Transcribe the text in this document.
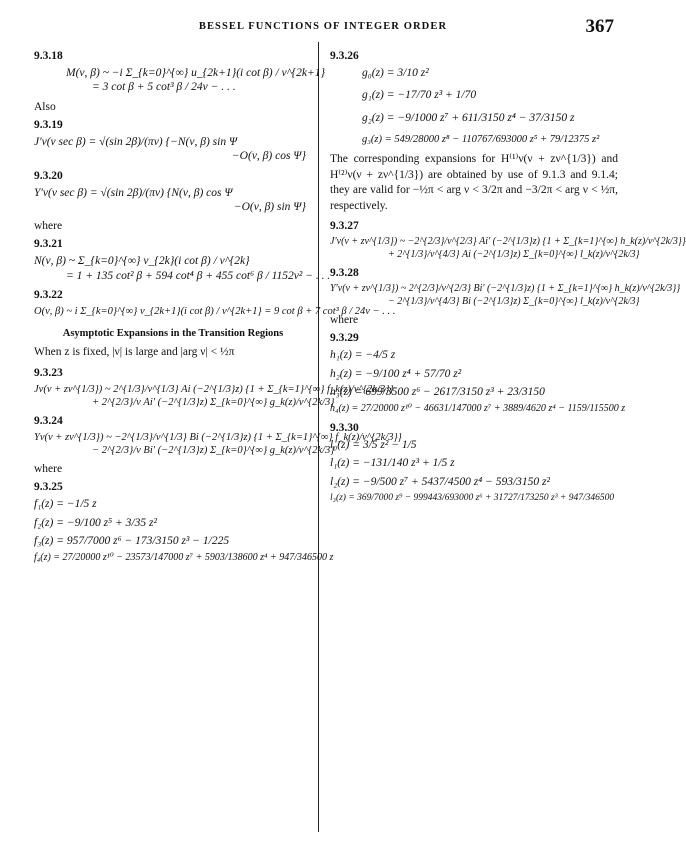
BESSEL FUNCTIONS OF INTEGER ORDER	367
9.3.18
M(ν, β) ~ −i Σ_{k=0}^{∞} u_{2k+1}(i cot β) / ν^{2k+1}
= 3 cot β + 5 cot³ β / 24ν − . . .
Also
9.3.19
J′ν(ν sec β) = √(sin 2β)/(πν) {−N(ν, β) sin Ψ
−O(ν, β) cos Ψ}
9.3.20
Y′ν(ν sec β) = √(sin 2β)/(πν) {N(ν, β) cos Ψ
−O(ν, β) sin Ψ}
where
9.3.21
N(ν, β) ~ Σ_{k=0}^{∞} v_{2k}(i cot β) / ν^{2k}
= 1 + 135 cot² β + 594 cot⁴ β + 455 cot⁶ β / 1152ν² − . . .
9.3.22
O(ν, β) ~ i Σ_{k=0}^{∞} v_{2k+1}(i cot β) / ν^{2k+1} = 9 cot β + 7 cot³ β / 24ν − . . .
Asymptotic Expansions in the Transition Regions
When z is fixed, |ν| is large and |arg ν| < ½π
9.3.23
Jν(ν + zν^{1/3}) ~ 2^{1/3}/ν^{1/3} Ai (−2^{1/3}z) {1 + Σ_{k=1}^{∞} f_k(z)/ν^{2k/3}}
+ 2^{2/3}/ν Ai′ (−2^{1/3}z) Σ_{k=0}^{∞} g_k(z)/ν^{2k/3}
9.3.24
Yν(ν + zν^{1/3}) ~ −2^{1/3}/ν^{1/3} Bi (−2^{1/3}z) {1 + Σ_{k=1}^{∞} f_k(z)/ν^{2k/3}}
− 2^{2/3}/ν Bi′ (−2^{1/3}z) Σ_{k=0}^{∞} g_k(z)/ν^{2k/3}
where
9.3.25
f₁(z) = −1/5 z
f₂(z) = −9/100 z⁵ + 3/35 z²
f₃(z) = 957/7000 z⁶ − 173/3150 z³ − 1/225
f₄(z) = 27/20000 z¹⁰ − 23573/147000 z⁷ + 5903/138600 z⁴ + 947/346500 z
9.3.26
g₀(z) = 3/10 z²
g₁(z) = −17/70 z³ + 1/70
g₂(z) = −9/1000 z⁷ + 611/3150 z⁴ − 37/3150 z
g₃(z) = 549/28000 z⁸ − 110767/693000 z⁵ + 79/12375 z²
The corresponding expansions for H⁽¹⁾ν(ν + zν^{1/3}) and H⁽²⁾ν(ν + zν^{1/3}) are obtained by use of 9.1.3 and 9.1.4; they are valid for −½π < arg ν < 3/2π and −3/2π < arg ν < ½π, respectively.
9.3.27
J′ν(ν + zν^{1/3}) ~ −2^{2/3}/ν^{2/3} Ai′ (−2^{1/3}z) {1 + Σ_{k=1}^{∞} h_k(z)/ν^{2k/3}}
+ 2^{1/3}/ν^{4/3} Ai (−2^{1/3}z) Σ_{k=0}^{∞} l_k(z)/ν^{2k/3}
9.3.28
Y′ν(ν + zν^{1/3}) ~ 2^{2/3}/ν^{2/3} Bi′ (−2^{1/3}z) {1 + Σ_{k=1}^{∞} h_k(z)/ν^{2k/3}}
− 2^{1/3}/ν^{4/3} Bi (−2^{1/3}z) Σ_{k=0}^{∞} l_k(z)/ν^{2k/3}
where
9.3.29
h₁(z) = −4/5 z
h₂(z) = −9/100 z⁴ + 57/70 z²
h₃(z) = 699/3500 z⁶ − 2617/3150 z³ + 23/3150
h₄(z) = 27/20000 z¹⁰ − 46631/147000 z⁷ + 3889/4620 z⁴ − 1159/115500 z
9.3.30
l₀(z) = 3/5 z² − 1/5
l₁(z) = −131/140 z³ + 1/5 z
l₂(z) = −9/500 z⁷ + 5437/4500 z⁴ − 593/3150 z²
l₃(z) = 369/7000 z⁹ − 999443/693000 z⁶ + 31727/173250 z³ + 947/346500
